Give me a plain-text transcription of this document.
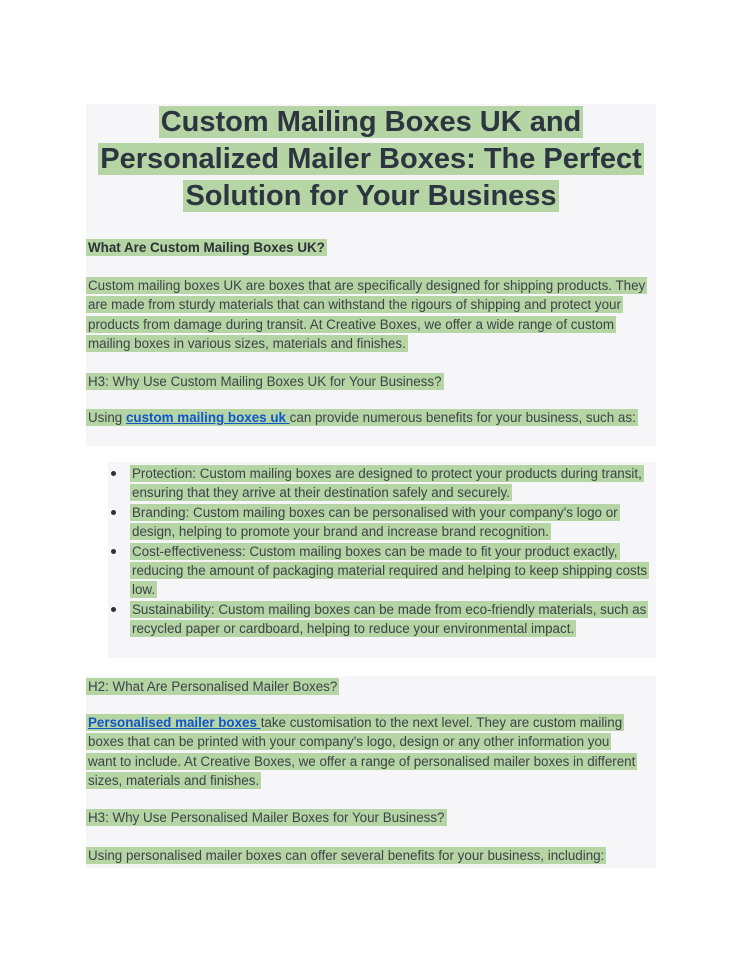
Custom Mailing Boxes UK and
Personalized Mailer Boxes: The Perfect
Solution for Your Business
What Are Custom Mailing Boxes UK?
Custom mailing boxes UK are boxes that are specifically designed for shipping products. They are made from sturdy materials that can withstand the rigours of shipping and protect your products from damage during transit. At Creative Boxes, we offer a wide range of custom mailing boxes in various sizes, materials and finishes.
H3: Why Use Custom Mailing Boxes UK for Your Business?
Using custom mailing boxes uk can provide numerous benefits for your business, such as:
Protection: Custom mailing boxes are designed to protect your products during transit, ensuring that they arrive at their destination safely and securely.
Branding: Custom mailing boxes can be personalised with your company's logo or design, helping to promote your brand and increase brand recognition.
Cost-effectiveness: Custom mailing boxes can be made to fit your product exactly, reducing the amount of packaging material required and helping to keep shipping costs low.
Sustainability: Custom mailing boxes can be made from eco-friendly materials, such as recycled paper or cardboard, helping to reduce your environmental impact.
H2: What Are Personalised Mailer Boxes?
Personalised mailer boxes take customisation to the next level. They are custom mailing boxes that can be printed with your company's logo, design or any other information you want to include. At Creative Boxes, we offer a range of personalised mailer boxes in different sizes, materials and finishes.
H3: Why Use Personalised Mailer Boxes for Your Business?
Using personalised mailer boxes can offer several benefits for your business, including:
